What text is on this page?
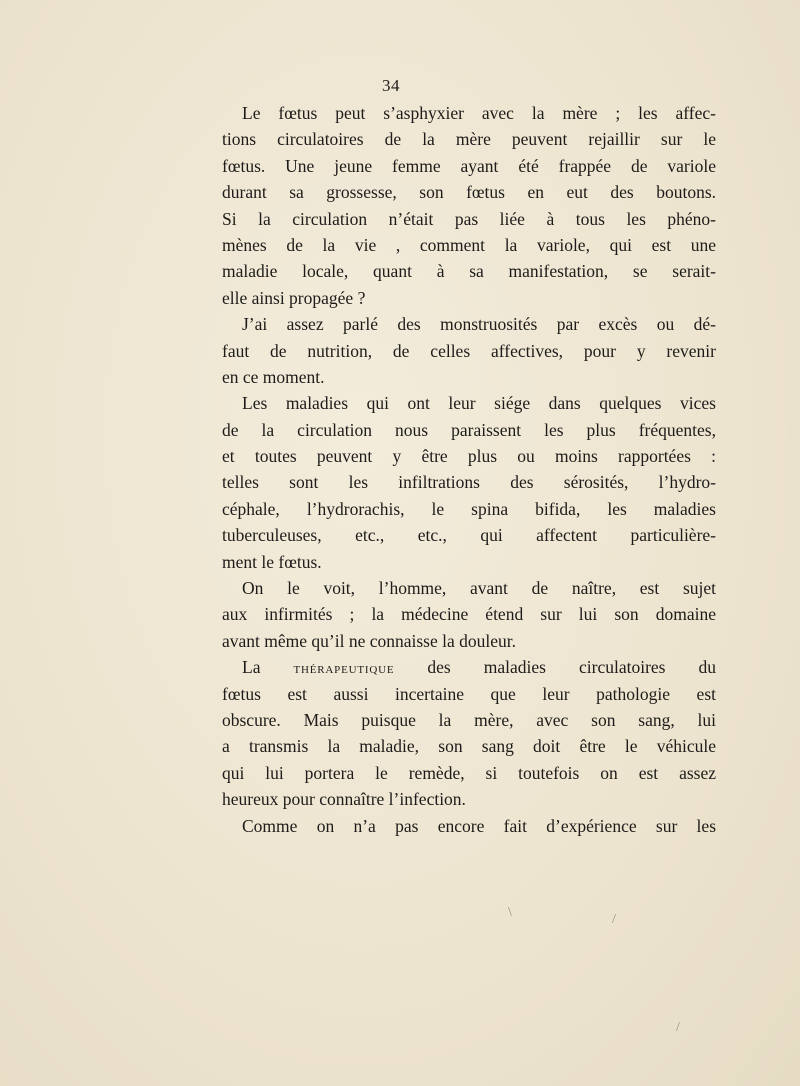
34
Le fœtus peut s’asphyxier avec la mère ; les affec-
tions circulatoires de la mère peuvent rejaillir sur le
fœtus. Une jeune femme ayant été frappée de variole
durant sa grossesse, son fœtus en eut des boutons.
Si la circulation n’était pas liée à tous les phéno-
mènes de la vie , comment la variole, qui est une
maladie locale, quant à sa manifestation, se serait-
elle ainsi propagée ?
J’ai assez parlé des monstruosités par excès ou dé-
faut de nutrition, de celles affectives, pour y revenir
en ce moment.
Les maladies qui ont leur siége dans quelques vices
de la circulation nous paraissent les plus fréquentes,
et toutes peuvent y être plus ou moins rapportées :
telles sont les infiltrations des sérosités, l’hydro-
céphale, l’hydrorachis, le spina bifida, les maladies
tuberculeuses, etc., etc., qui affectent particulière-
ment le fœtus.
On le voit, l’homme, avant de naître, est sujet
aux infirmités ; la médecine étend sur lui son domaine
avant même qu’il ne connaisse la douleur.
La thérapeutique des maladies circulatoires du
fœtus est aussi incertaine que leur pathologie est
obscure. Mais puisque la mère, avec son sang, lui
a transmis la maladie, son sang doit être le véhicule
qui lui portera le remède, si toutefois on est assez
heureux pour connaître l’infection.
Comme on n’a pas encore fait d’expérience sur les
\	/
/
